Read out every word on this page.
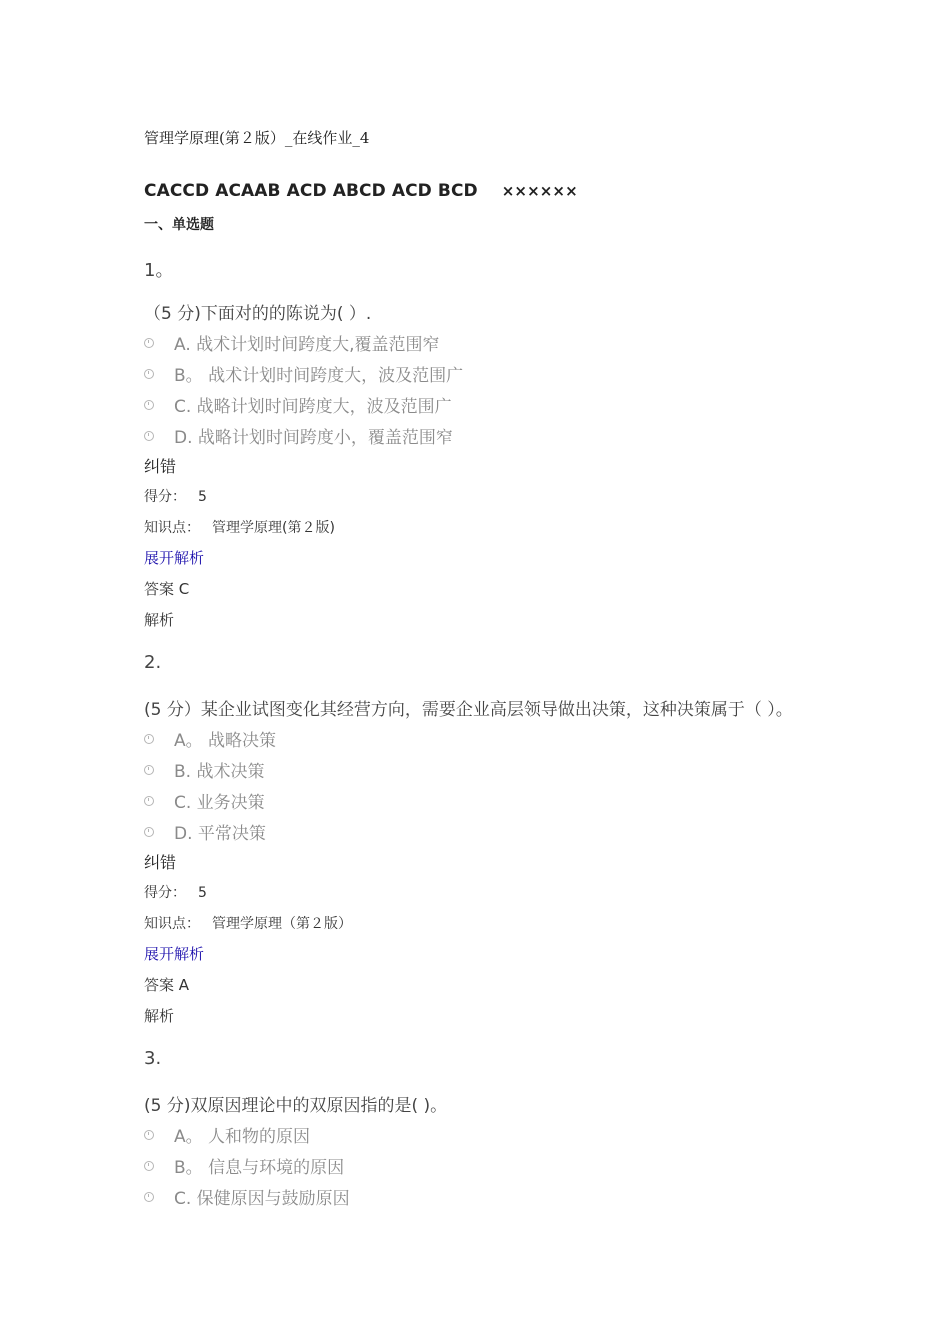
管理学原理(第２版）_在线作业_4
CACCD ACAAB ACD ABCD ACD BCD ××××××
一、单选题
1。
（5 分)下面对的的陈说为( ）.
A. 战术计划时间跨度大,覆盖范围窄
B。 战术计划时间跨度大，波及范围广
C. 战略计划时间跨度大，波及范围广
D. 战略计划时间跨度小，覆盖范围窄
纠错
得分： 5
知识点： 管理学原理(第２版)
展开解析
答案 C
解析
2.
(5 分）某企业试图变化其经营方向，需要企业高层领导做出决策，这种决策属于（ ）。
A。 战略决策
B. 战术决策
C. 业务决策
D. 平常决策
纠错
得分： 5
知识点： 管理学原理（第２版）
展开解析
答案 A
解析
3.
(5 分)双原因理论中的双原因指的是( )。
A。 人和物的原因
B。 信息与环境的原因
C. 保健原因与鼓励原因
